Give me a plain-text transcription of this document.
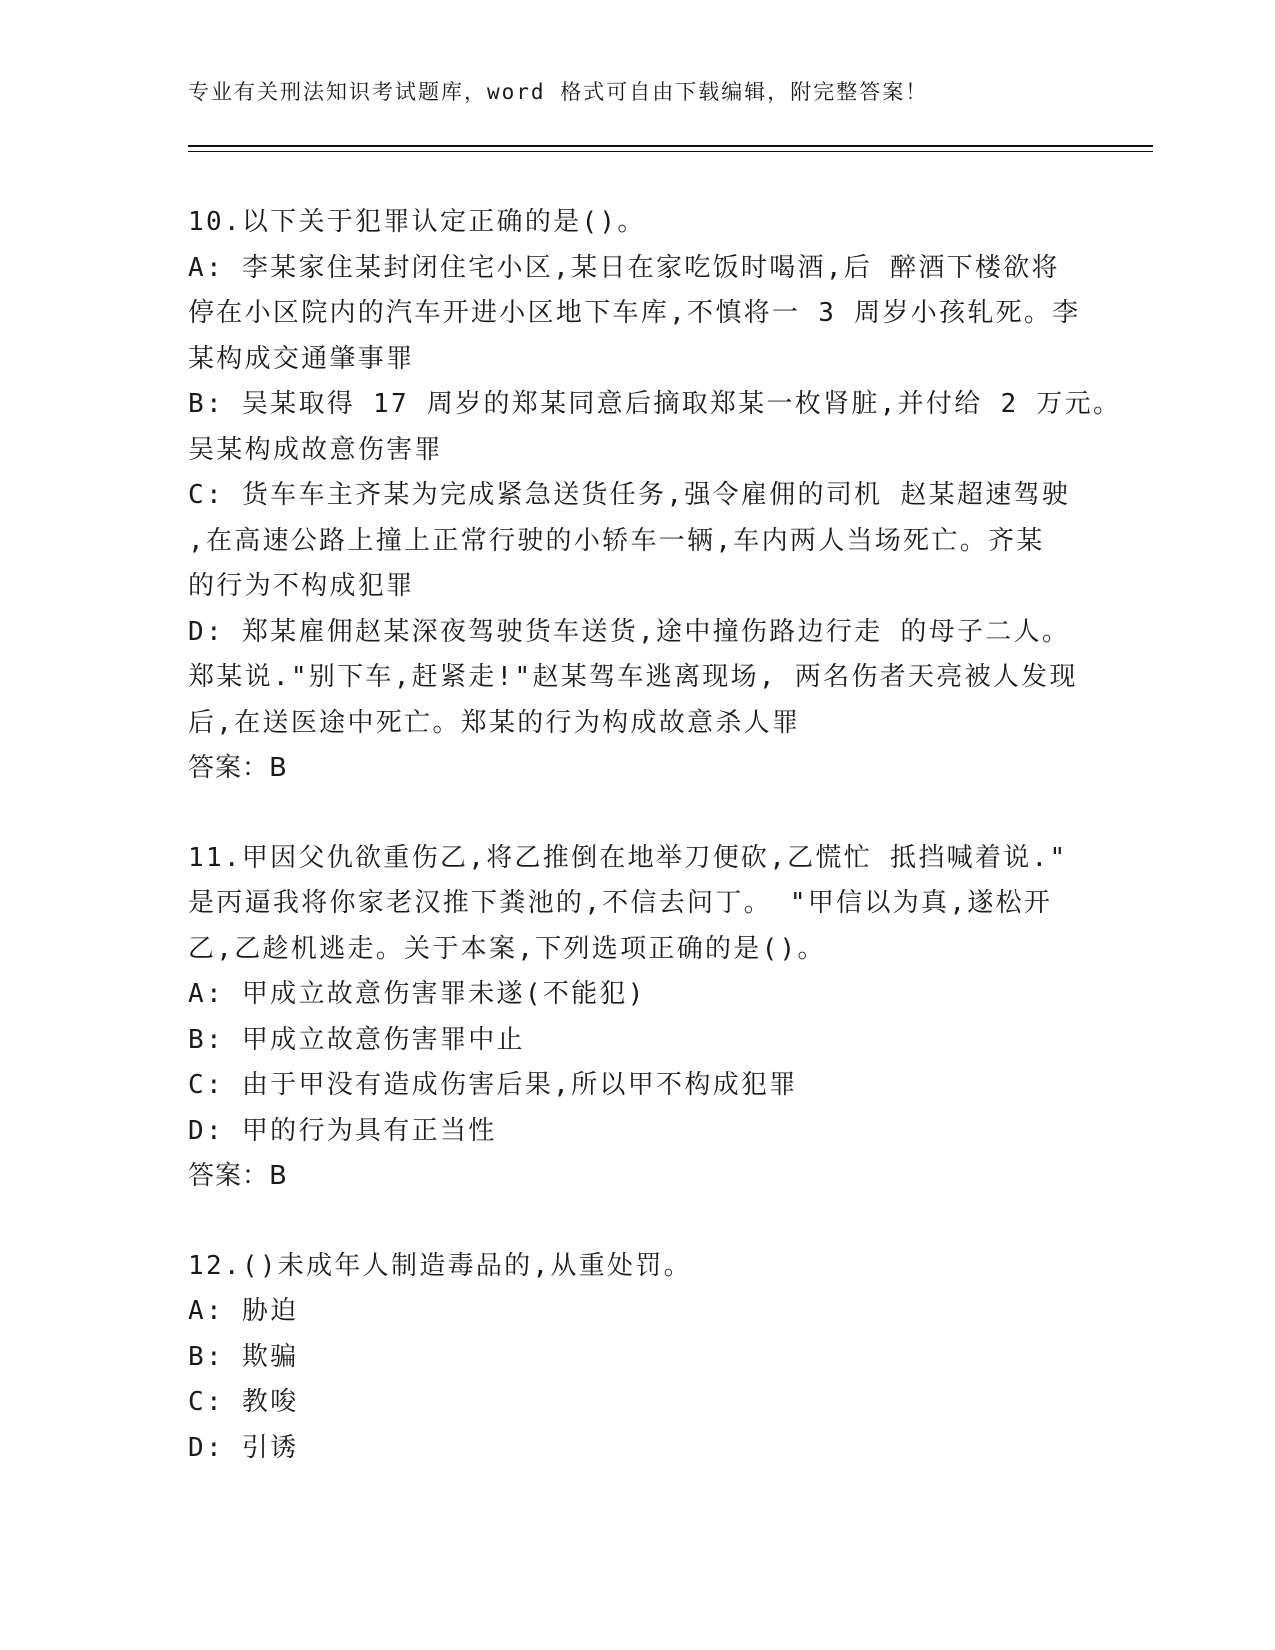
专业有关刑法知识考试题库，word 格式可自由下载编辑，附完整答案！
10.以下关于犯罪认定正确的是()。
A: 李某家住某封闭住宅小区,某日在家吃饭时喝酒,后 醉酒下楼欲将
停在小区院内的汽车开进小区地下车库,不慎将一 3 周岁小孩轧死。李
某构成交通肇事罪
B: 吴某取得 17 周岁的郑某同意后摘取郑某一枚肾脏,并付给 2 万元。
吴某构成故意伤害罪
C: 货车车主齐某为完成紧急送货任务,强令雇佣的司机 赵某超速驾驶
,在高速公路上撞上正常行驶的小轿车一辆,车内两人当场死亡。齐某
的行为不构成犯罪
D: 郑某雇佣赵某深夜驾驶货车送货,途中撞伤路边行走 的母子二人。
郑某说."别下车,赶紧走!"赵某驾车逃离现场, 两名伤者天亮被人发现
后,在送医途中死亡。郑某的行为构成故意杀人罪
答案：B
11.甲因父仇欲重伤乙,将乙推倒在地举刀便砍,乙慌忙 抵挡喊着说."
是丙逼我将你家老汉推下粪池的,不信去问丁。 "甲信以为真,遂松开
乙,乙趁机逃走。关于本案,下列选项正确的是()。
A: 甲成立故意伤害罪未遂(不能犯)
B: 甲成立故意伤害罪中止
C: 由于甲没有造成伤害后果,所以甲不构成犯罪
D: 甲的行为具有正当性
答案：B
12.()未成年人制造毒品的,从重处罚。
A: 胁迫
B: 欺骗
C: 教唆
D: 引诱
